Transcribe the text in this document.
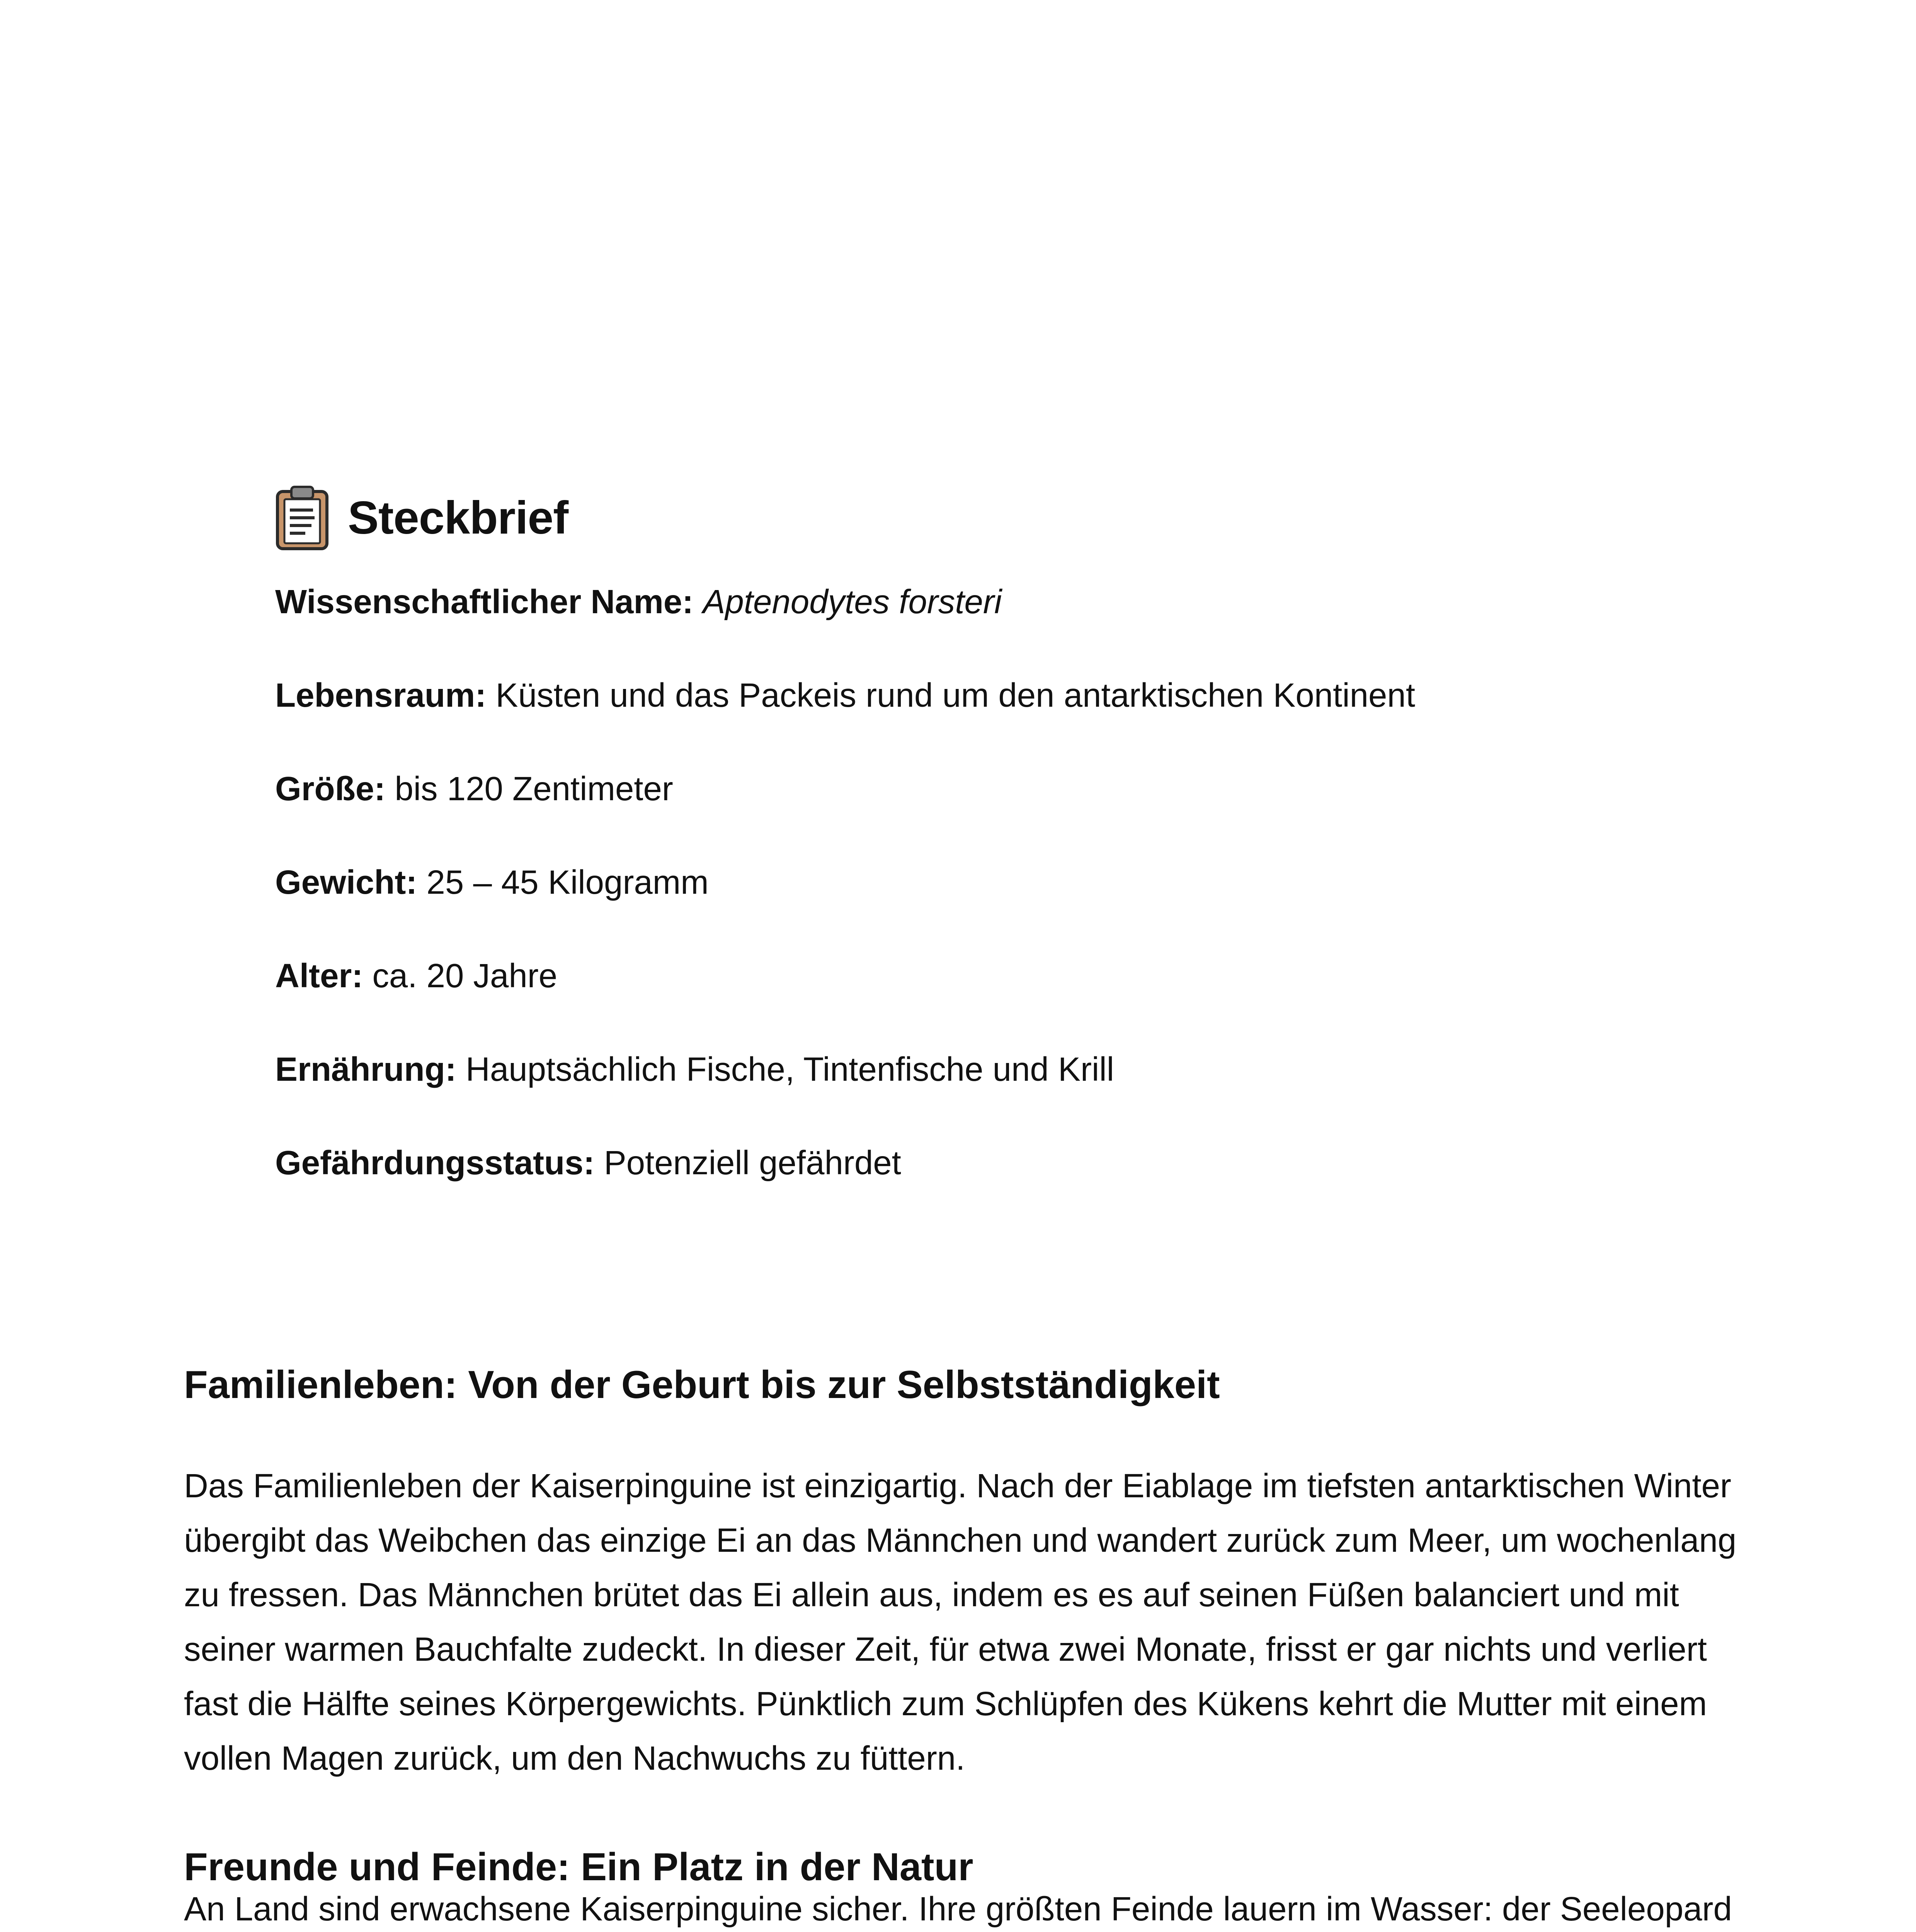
Steckbrief
Wissenschaftlicher Name: Aptenodytes forsteri
Lebensraum: Küsten und das Packeis rund um den antarktischen Kontinent
Größe: bis 120 Zentimeter
Gewicht: 25 – 45 Kilogramm
Alter: ca. 20 Jahre
Ernährung: Hauptsächlich Fische, Tintenfische und Krill
Gefährdungsstatus: Potenziell gefährdet
Familienleben: Von der Geburt bis zur Selbstständigkeit

Das Familienleben der Kaiserpinguine ist einzigartig. Nach der Eiablage im tiefsten antarktischen Winter übergibt das Weibchen das einzige Ei an das Männchen und wandert zurück zum Meer, um wochenlang zu fressen. Das Männchen brütet das Ei allein aus, indem es es auf seinen Füßen balanciert und mit seiner warmen Bauchfalte zudeckt. In dieser Zeit, für etwa zwei Monate, frisst er gar nichts und verliert fast die Hälfte seines Körpergewichts. Pünktlich zum Schlüpfen des Kükens kehrt die Mutter mit einem vollen Magen zurück, um den Nachwuchs zu füttern.

Freunde und Feinde: Ein Platz in der Natur

An Land sind erwachsene Kaiserpinguine sicher. Ihre größten Feinde lauern im Wasser: der Seeleopard
